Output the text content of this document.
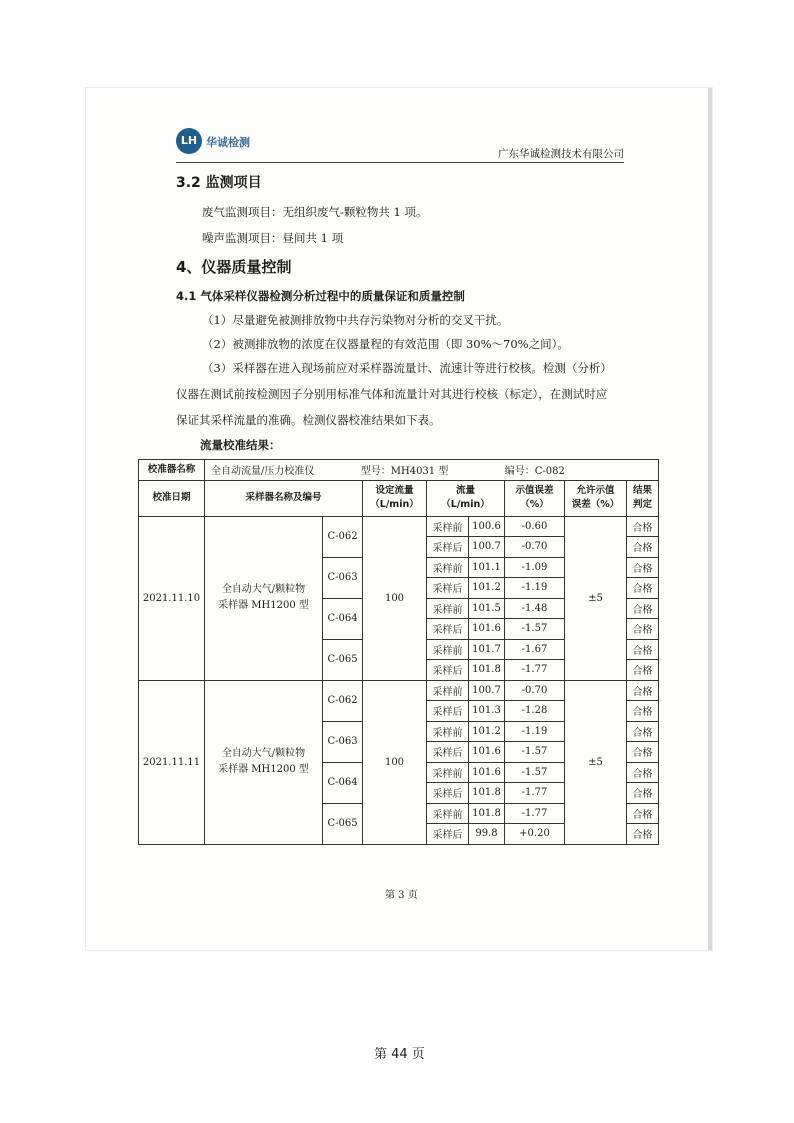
LH 华诚检测
广东华诚检测技术有限公司
3.2 监测项目
废气监测项目：无组织废气-颗粒物共 1 项。
噪声监测项目：昼间共 1 项
4、仪器质量控制
4.1 气体采样仪器检测分析过程中的质量保证和质量控制
（1）尽量避免被测排放物中共存污染物对分析的交叉干扰。
（2）被测排放物的浓度在仪器量程的有效范围（即 30%～70%之间）。
（3）采样器在进入现场前应对采样器流量计、流速计等进行校核。检测（分析）
仪器在测试前按检测因子分别用标准气体和流量计对其进行校核（标定），在测试时应
保证其采样流量的准确。检测仪器校准结果如下表。
流量校准结果：
校准器名称	全自动流量/压力校准仪 型号：MH4031 型 编号：C-082							
校准日期	采样器名称及编号		设定流量
（L/min）	流量
（L/min）		示值误差
（%）	允许示值
误差（%）	结果
判定
2021.11.10	全自动大气/颗粒物
采样器 MH1200 型	C-062	100	采样前	100.6	-0.60	±5	合格
				采样后	100.7	-0.70		合格
		C-063		采样前	101.1	-1.09		合格
				采样后	101.2	-1.19		合格
		C-064		采样前	101.5	-1.48		合格
				采样后	101.6	-1.57		合格
		C-065		采样前	101.7	-1.67		合格
				采样后	101.8	-1.77		合格
2021.11.11	全自动大气/颗粒物
采样器 MH1200 型	C-062	100	采样前	100.7	-0.70	±5	合格
				采样后	101.3	-1.28		合格
		C-063		采样前	101.2	-1.19		合格
				采样后	101.6	-1.57		合格
		C-064		采样前	101.6	-1.57		合格
				采样后	101.8	-1.77		合格
		C-065		采样前	101.8	-1.77		合格
				采样后	99.8	+0.20		合格
第 3 页
第 44 页
